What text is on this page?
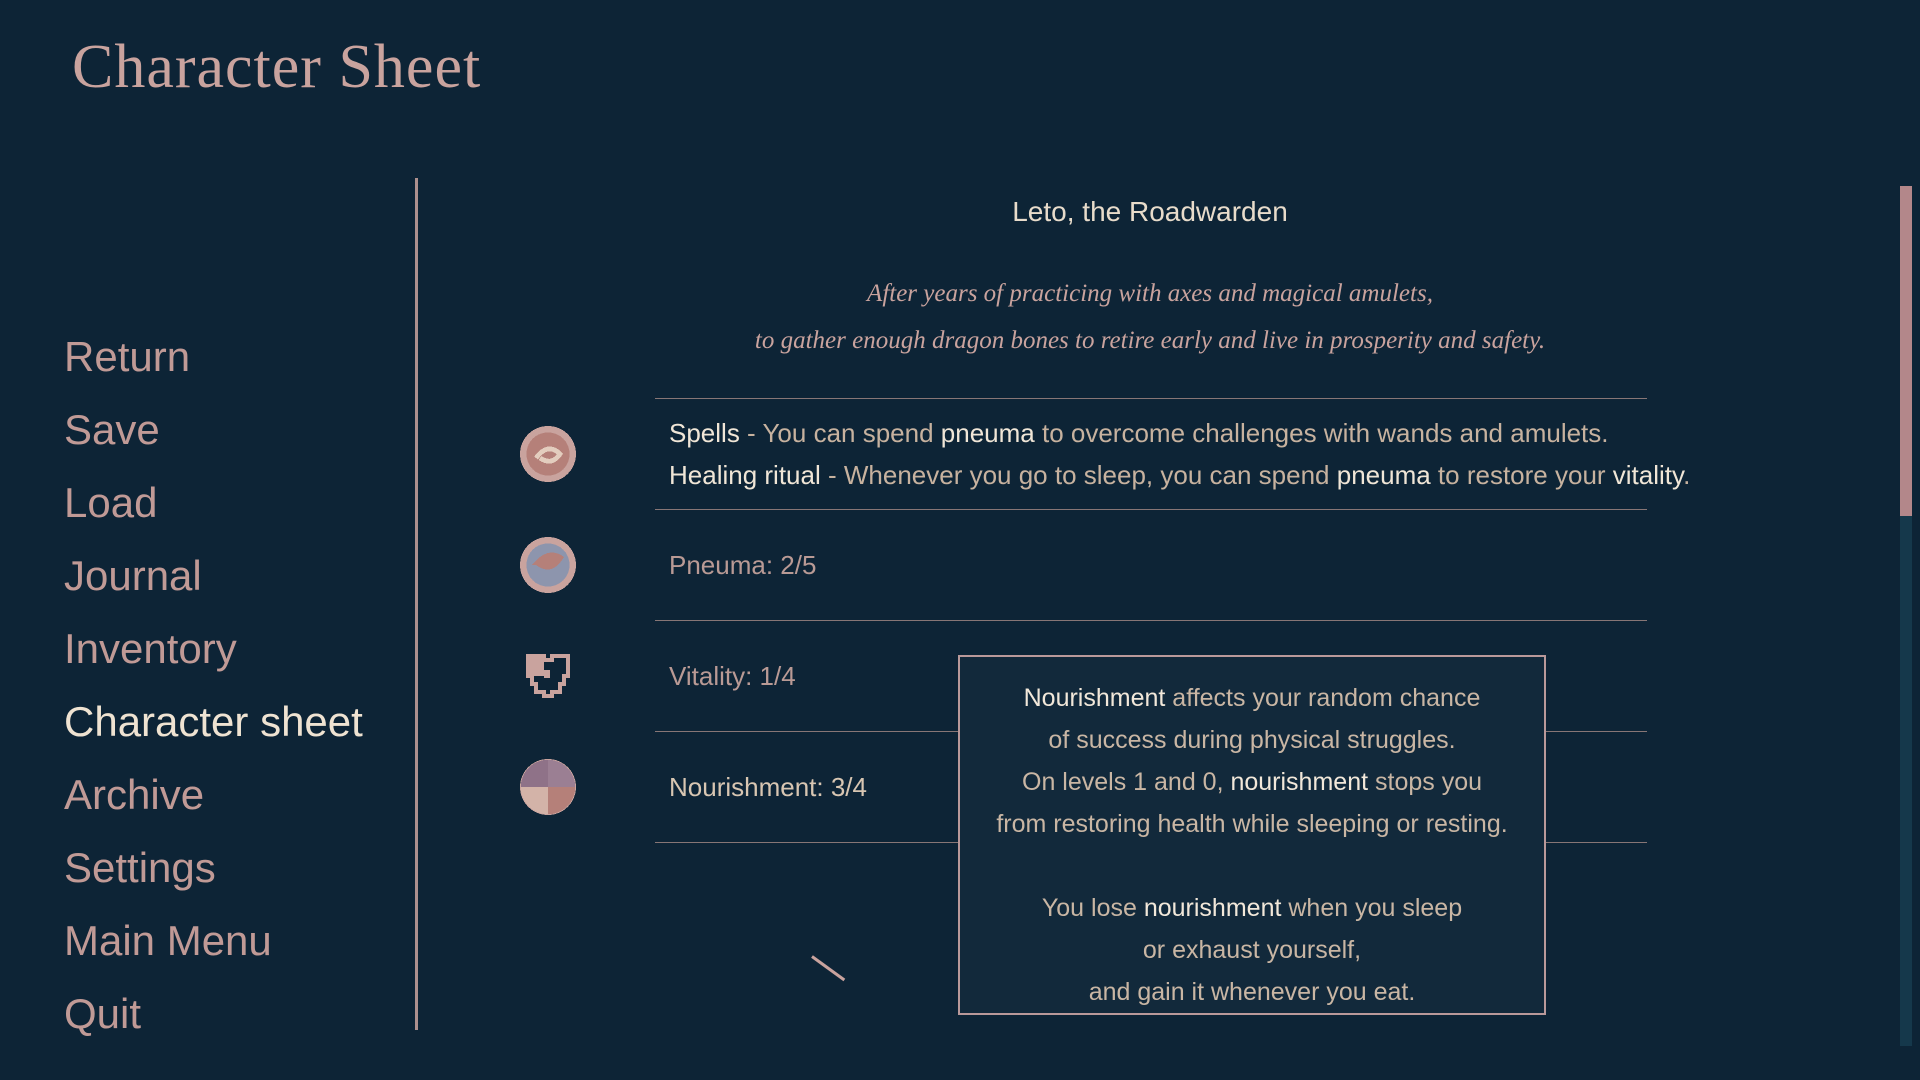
Character Sheet
Return
Save
Load
Journal
Inventory
Character sheet
Archive
Settings
Main Menu
Quit
Leto, the Roadwarden
After years of practicing with axes and magical amulets,
to gather enough dragon bones to retire early and live in prosperity and safety.
Spells - You can spend pneuma to overcome challenges with wands and amulets.
Healing ritual - Whenever you go to sleep, you can spend pneuma to restore your vitality.
Pneuma: 2/5
Vitality: 1/4
Nourishment: 3/4
Nourishment affects your random chance
of success during physical struggles.
On levels 1 and 0, nourishment stops you
from restoring health while sleeping or resting.
You lose nourishment when you sleep
or exhaust yourself,
and gain it whenever you eat.
